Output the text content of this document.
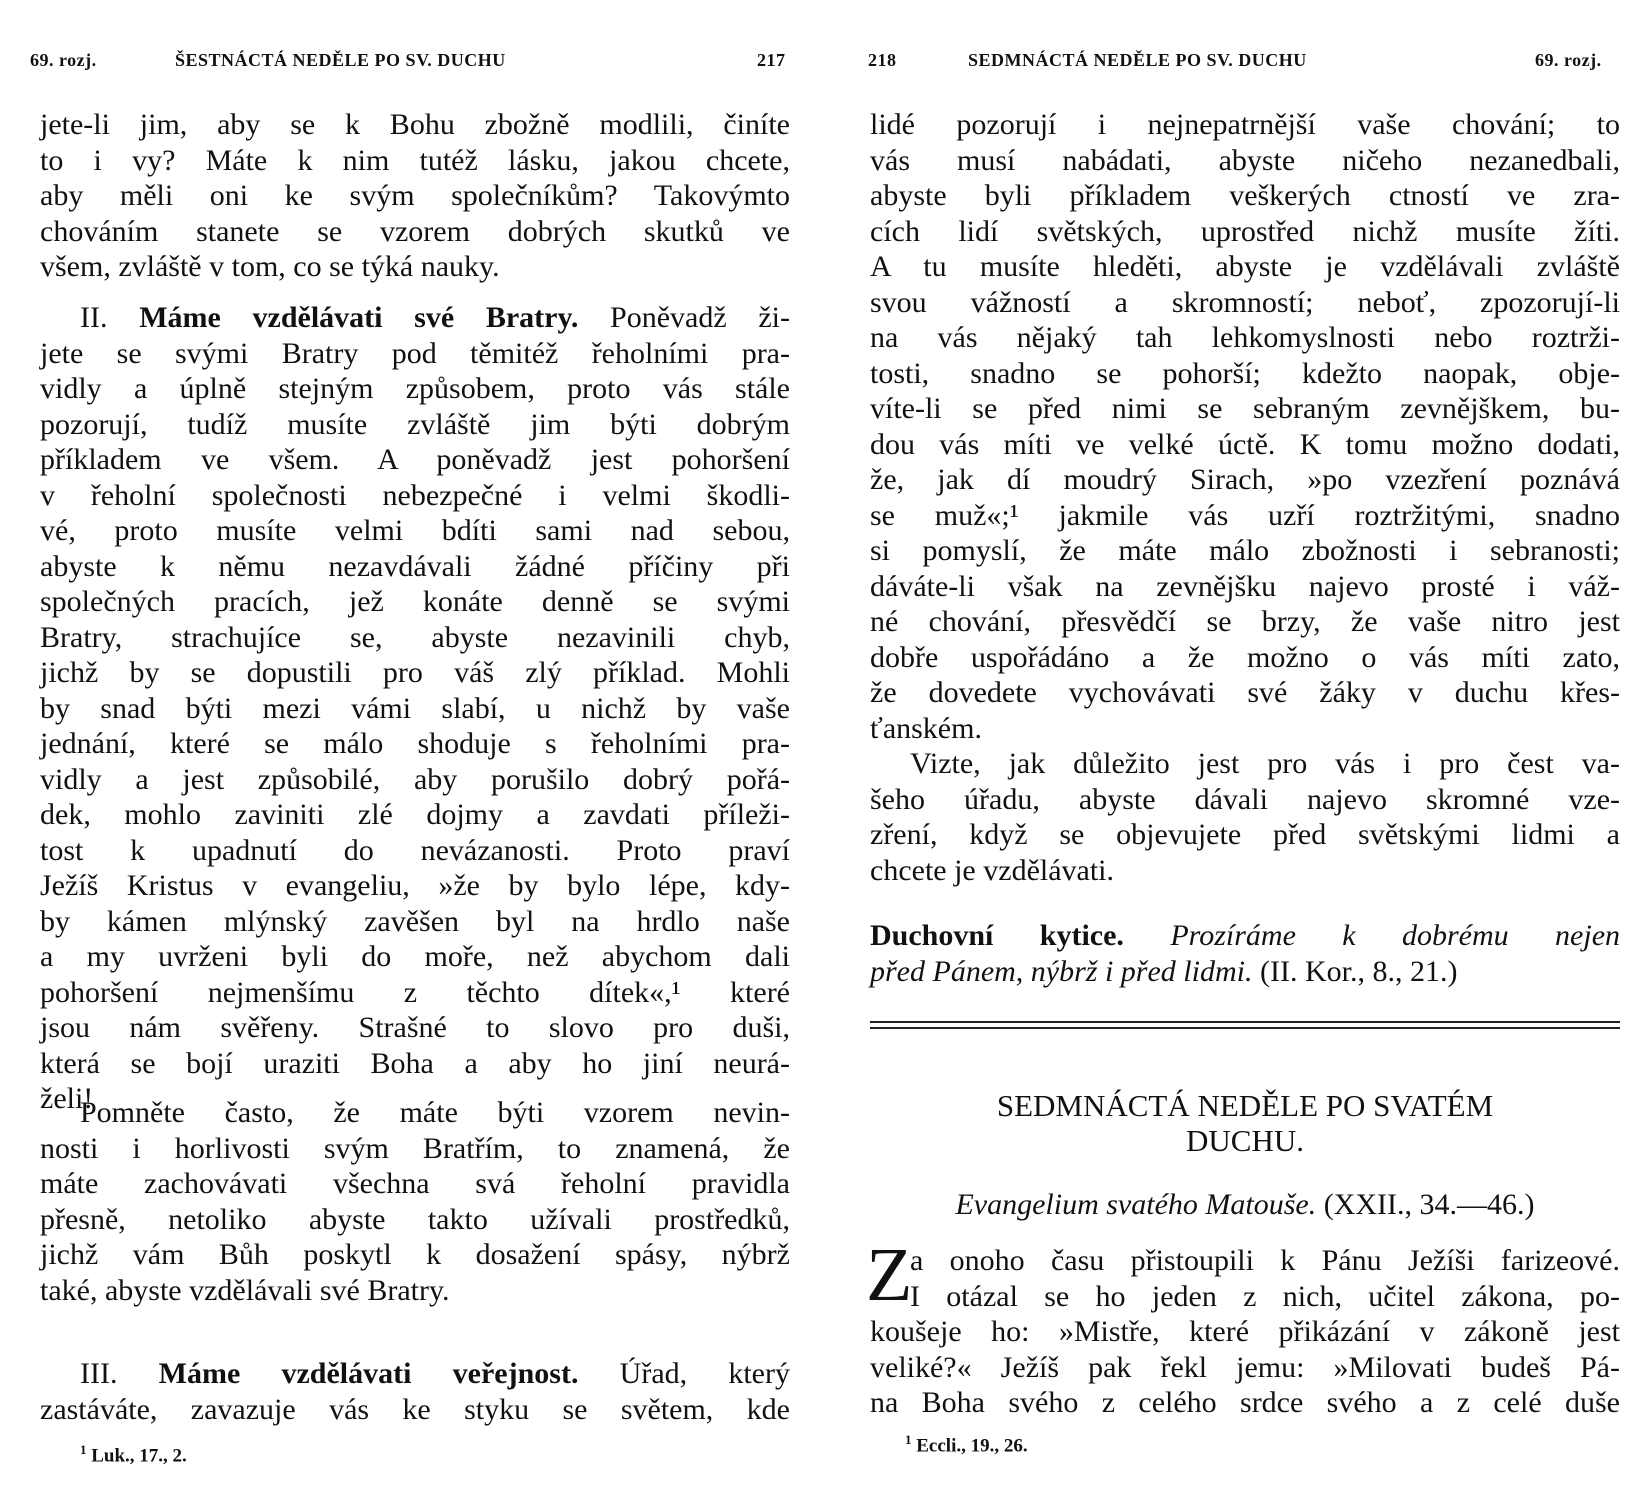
69. rozj.	ŠESTNÁCTÁ NEDĚLE PO SV. DUCHU	217	218	SEDMNÁCTÁ NEDĚLE PO SV. DUCHU	69. rozj.
jete-li jim, aby se k Bohu zbožně modlili, činíte
to i vy? Máte k nim tutéž lásku, jakou chcete,
aby měli oni ke svým společníkům? Takovýmto
chováním stanete se vzorem dobrých skutků ve
všem, zvláště v tom, co se týká nauky.
II. Máme vzdělávati své Bratry. Poněvadž ži-
jete se svými Bratry pod těmitéž řeholními pra-
vidly a úplně stejným způsobem, proto vás stále
pozorují, tudíž musíte zvláště jim býti dobrým
příkladem ve všem. A poněvadž jest pohoršení
v řeholní společnosti nebezpečné i velmi škodli-
vé, proto musíte velmi bdíti sami nad sebou,
abyste k němu nezavdávali žádné příčiny při
společných pracích, jež konáte denně se svými
Bratry, strachujíce se, abyste nezavinili chyb,
jichž by se dopustili pro váš zlý příklad. Mohli
by snad býti mezi vámi slabí, u nichž by vaše
jednání, které se málo shoduje s řeholními pra-
vidly a jest způsobilé, aby porušilo dobrý pořá-
dek, mohlo zaviniti zlé dojmy a zavdati příleži-
tost k upadnutí do nevázanosti. Proto praví
Ježíš Kristus v evangeliu, »že by bylo lépe, kdy-
by kámen mlýnský zavěšen byl na hrdlo naše
a my uvrženi byli do moře, než abychom dali
pohoršení nejmenšímu z těchto dítek«,¹ které
jsou nám svěřeny. Strašné to slovo pro duši,
která se bojí uraziti Boha a aby ho jiní neurá-
želi!
Pomněte často, že máte býti vzorem nevin-
nosti i horlivosti svým Bratřím, to znamená, že
máte zachovávati všechna svá řeholní pravidla
přesně, netoliko abyste takto užívali prostředků,
jichž vám Bůh poskytl k dosažení spásy, nýbrž
také, abyste vzdělávali své Bratry.
III. Máme vzdělávati veřejnost. Úřad, který
zastáváte, zavazuje vás ke styku se světem, kde
$^1$ Luk., 17., 2.
lidé pozorují i nejnepatrnější vaše chování; to
vás musí nabádati, abyste ničeho nezanedbali,
abyste byli příkladem veškerých ctností ve zra-
cích lidí světských, uprostřed nichž musíte žíti.
A tu musíte hleděti, abyste je vzdělávali zvláště
svou vážností a skromností; neboť, zpozorují-li
na vás nějaký tah lehkomyslnosti nebo roztrži-
tosti, snadno se pohorší; kdežto naopak, obje-
víte-li se před nimi se sebraným zevnějškem, bu-
dou vás míti ve velké úctě. K tomu možno dodati,
že, jak dí moudrý Sirach, »po vzezření poznává
se muž«;¹ jakmile vás uzří roztržitými, snadno
si pomyslí, že máte málo zbožnosti i sebranosti;
dáváte-li však na zevnějšku najevo prosté i váž-
né chování, přesvědčí se brzy, že vaše nitro jest
dobře uspořádáno a že možno o vás míti zato,
že dovedete vychovávati své žáky v duchu křes-
ťanském.
Vizte, jak důležito jest pro vás i pro čest va-
šeho úřadu, abyste dávali najevo skromné vze-
zření, když se objevujete před světskými lidmi a
chcete je vzdělávati.
Duchovní kytice. Prozíráme k dobrému nejen
před Pánem, nýbrž i před lidmi. (II. Kor., 8., 21.)
SEDMNÁCTÁ NEDĚLE PO SVATÉM
DUCHU.
Evangelium svatého Matouše. (XXII., 34.—46.)
Z
a onoho času přistoupili k Pánu Ježíši farizeové.
I otázal se ho jeden z nich, učitel zákona, po-
koušeje ho: »Mistře, které přikázání v zákoně jest
veliké?« Ježíš pak řekl jemu: »Milovati budeš Pá-
na Boha svého z celého srdce svého a z celé duše
$^1$ Eccli., 19., 26.
